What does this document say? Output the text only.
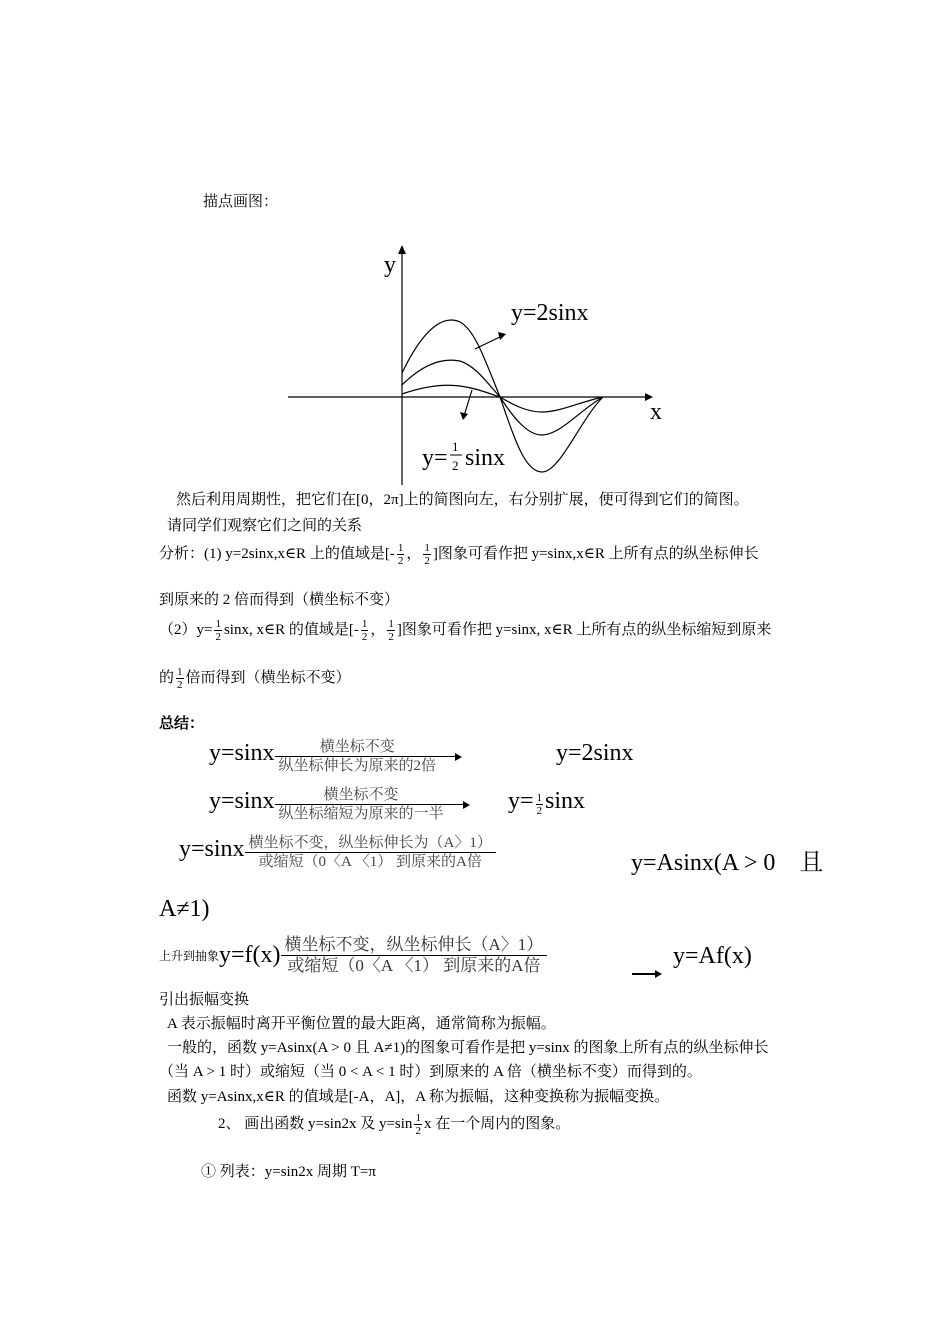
描点画图：
y
x
y=2sinx
y= 1
2 sinx
然后利用周期性，把它们在[0，2π]上的简图向左，右分别扩展，便可得到它们的简图。
请同学们观察它们之间的关系
分析：(1) y=2sinx,x∈R 上的值域是[- $\frac{1}{2}$ ， $\frac{1}{2}$ ]图象可看作把 y=sinx,x∈R 上所有点的纵坐标伸长
到原来的 2 倍而得到（横坐标不变）
$(2)y= \frac{1}{2} \sin x$, x∈R 的值域是[- $\frac{1}{2}$ ， $\frac{1}{2}$ ]图象可看作把 y=sinx, x∈R 上所有点的纵坐标缩短到原来
的 $\frac{1}{2}$ 倍而得到（横坐标不变）
总结：
y=sinx	横坐标不变
纵坐标伸长为原来的2倍	y=2sinx
y=sinx	横坐标不变
纵坐标缩短为原来的一半	$y= \frac{1}{2}$ sinx
y=sinx 横坐标不变，纵坐标伸长为（A〉1）
或缩短（0〈A 〈1） 到原来的A倍	y=Asinx(A > 0　且
A≠1)
上升到抽象y=f(x) 横坐标不变，纵坐标伸长（A〉1）
或缩短（0〈A 〈1） 到原来的A倍	y=Af(x)
引出振幅变换
A 表示振幅时离开平衡位置的最大距离，通常简称为振幅。
一般的，函数 y=Asinx(A > 0 且 A≠1)的图象可看作是把 y=sinx 的图象上所有点的纵坐标伸长
（当 A > 1 时）或缩短（当 0 < A < 1 时）到原来的 A 倍（横坐标不变）而得到的。
函数 y=Asinx,x∈R 的值域是[-A，A]，A 称为振幅，这种变换称为振幅变换。
2、 画出函数 y=sin2x 及 $y=\sin \frac{1}{2}$ x 在一个周内的图象。
① 列表：y=sin2x 周期 T=π
